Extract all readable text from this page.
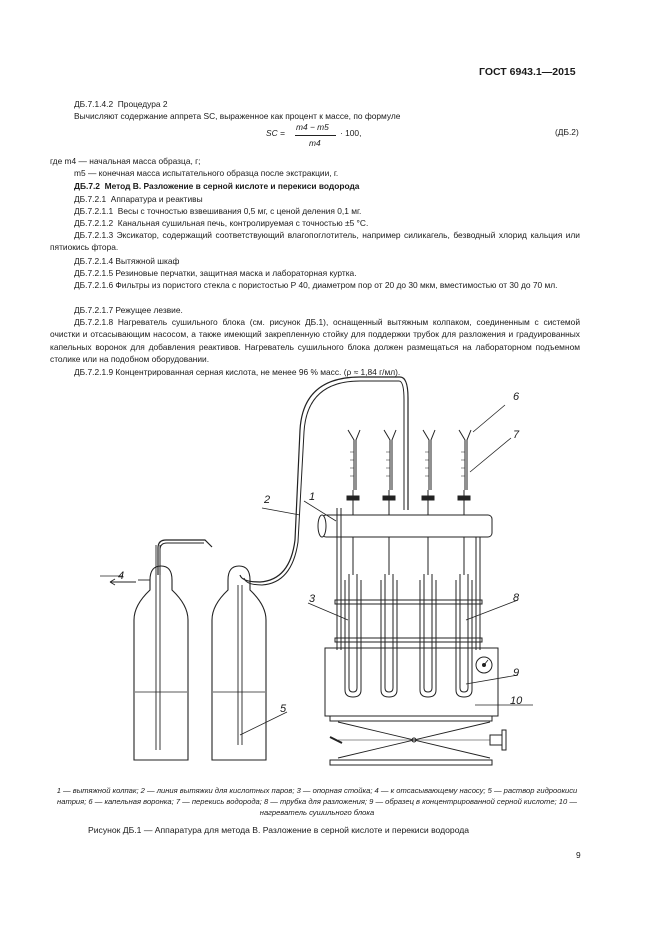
ГОСТ 6943.1—2015
ДБ.7.1.4.2 Процедура 2
Вычисляют содержание аппрета SC, выраженное как процент к массе, по формуле
SC =
m4 − m5
m4
· 100,	(ДБ.2)
где m4 — начальная масса образца, г;
m5 — конечная масса испытательного образца после экстракции, г.
ДБ.7.2 Метод В. Разложение в серной кислоте и перекиси водорода
ДБ.7.2.1 Аппаратура и реактивы
ДБ.7.2.1.1 Весы с точностью взвешивания 0,5 мг, с ценой деления 0,1 мг.
ДБ.7.2.1.2 Канальная сушильная печь, контролируемая с точностью ±5 °С.
ДБ.7.2.1.3 Эксикатор, содержащий соответствующий влагопоглотитель, например силикагель, безводный хлорид кальция или пятиокись фтора.
ДБ.7.2.1.4 Вытяжной шкаф
ДБ.7.2.1.5 Резиновые перчатки, защитная маска и лабораторная куртка.
ДБ.7.2.1.6 Фильтры из пористого стекла с пористостью Р 40, диаметром пор от 20 до 30 мкм, вместимостью от 30 до 70 мл.
ДБ.7.2.1.7 Режущее лезвие.
ДБ.7.2.1.8 Нагреватель сушильного блока (см. рисунок ДБ.1), оснащенный вытяжным колпаком, соединенным с системой очистки и отсасывающим насосом, а также имеющий закрепленную стойку для поддержки трубок для разложения и градуированных капельных воронок для добавления реактивов. Нагреватель сушильного блока должен размещаться на лабораторном подъемном столике или на подобном оборудовании.
ДБ.7.2.1.9 Концентрированная серная кислота, не менее 96 % масс. (ρ ≈ 1,84 г/мл).
1
2
3
4
5
6
7
8
9
10
1 — вытяжной колпак; 2 — линия вытяжки для кислотных паров; 3 — опорная стойка; 4 — к отсасывающему насосу; 5 — раствор гидроокиси натрия; 6 — капельная воронка; 7 — перекись водорода; 8 — трубка для разложения; 9 — образец в концентрированной серной кислоте; 10 — нагреватель сушильного блока
Рисунок ДБ.1 — Аппаратура для метода В. Разложение в серной кислоте и перекиси водорода
9
